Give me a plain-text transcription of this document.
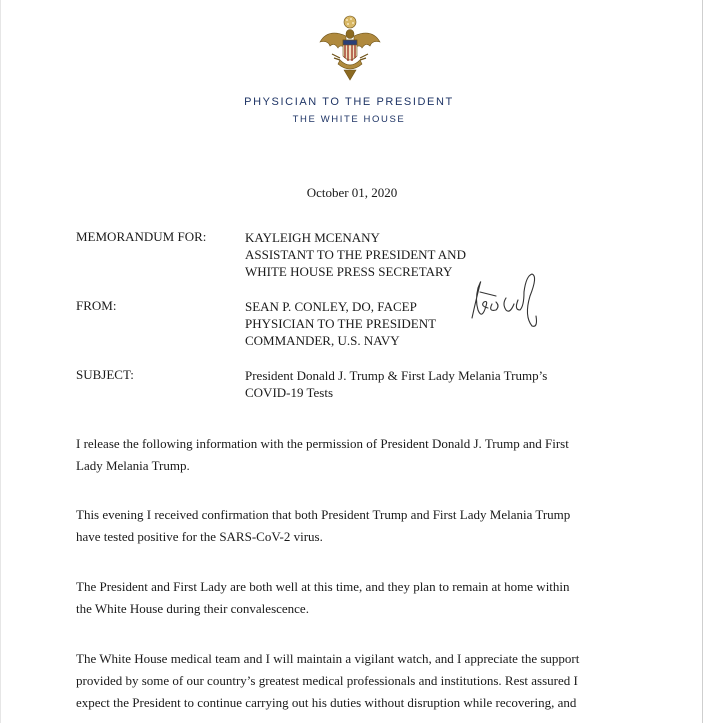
PHYSICIAN TO THE PRESIDENT
THE WHITE HOUSE
October 01, 2020
MEMORANDUM FOR:	KAYLEIGH MCENANY
ASSISTANT TO THE PRESIDENT AND
WHITE HOUSE PRESS SECRETARY
FROM:	SEAN P. CONLEY, DO, FACEP
PHYSICIAN TO THE PRESIDENT
COMMANDER, U.S. NAVY
SUBJECT:	President Donald J. Trump & First Lady Melania Trump’s
COVID-19 Tests
I release the following information with the permission of President Donald J. Trump and First
Lady Melania Trump.
This evening I received confirmation that both President Trump and First Lady Melania Trump
have tested positive for the SARS-CoV-2 virus.
The President and First Lady are both well at this time, and they plan to remain at home within
the White House during their convalescence.
The White House medical team and I will maintain a vigilant watch, and I appreciate the support
provided by some of our country’s greatest medical professionals and institutions. Rest assured I
expect the President to continue carrying out his duties without disruption while recovering, and
